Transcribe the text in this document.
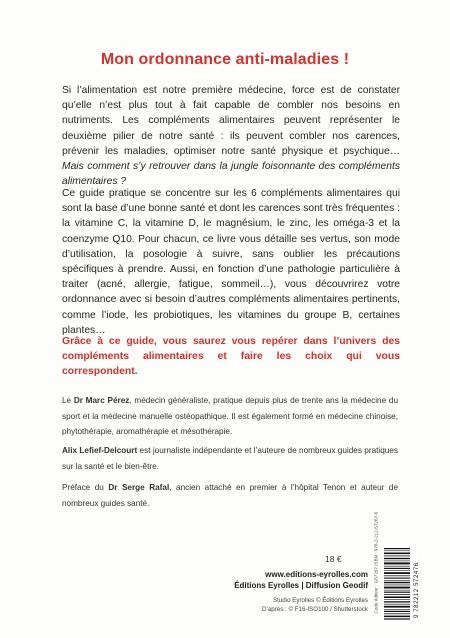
Mon ordonnance anti-maladies !
Si l’alimentation est notre première médecine, force est de constater qu’elle n’est plus tout à fait capable de combler nos besoins en nutriments. Les compléments alimentaires peuvent représenter le deuxième pilier de notre santé : ils peuvent combler nos carences, prévenir les maladies, optimiser notre santé physique et psychique… Mais comment s’y retrouver dans la jungle foisonnante des compléments alimentaires ?
Ce guide pratique se concentre sur les 6 compléments alimentaires qui sont la base d’une bonne santé et dont les carences sont très fréquentes : la vitamine C, la vitamine D, le magnésium, le zinc, les oméga-3 et la coenzyme Q10. Pour chacun, ce livre vous détaille ses vertus, son mode d’utilisation, la posologie à suivre, sans oublier les précautions spécifiques à prendre. Aussi, en fonction d’une pathologie particulière à traiter (acné, allergie, fatigue, sommeil…), vous découvrirez votre ordonnance avec si besoin d’autres compléments alimentaires pertinents, comme l’iode, les probiotiques, les vitamines du groupe B, certaines plantes…
Grâce à ce guide, vous saurez vous repérer dans l’univers des compléments alimentaires et faire les choix qui vous correspondent.
Le Dr Marc Pérez, médecin généraliste, pratique depuis plus de trente ans la médecine du sport et la médecine manuelle ostéopathique. Il est également formé en médecine chinoise, phytothérapie, aromathérapie et mésothérapie.
Alix Lefief-Delcourt est journaliste indépendante et l’auteure de nombreux guides pratiques sur la santé et le bien-être.
Préface du Dr Serge Rafal, ancien attaché en premier à l’hôpital Tenon et auteur de nombreux guides santé.
18 €
www.editions-eyrolles.com
Éditions Eyrolles | Diffusion Geodif
Studio Eyrolles © Éditions Eyrolles
D’après : © F16-ISO100 / Shutterstock Code éditeur : G57267 ISBN : 978-2-212-57267-6	9 782212 572476
